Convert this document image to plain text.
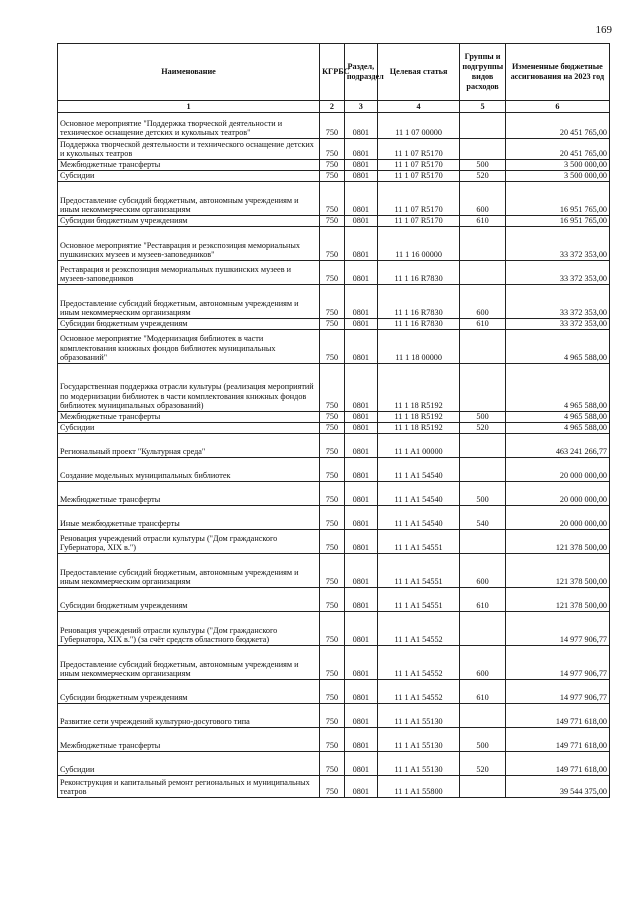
169
Наименование	КГРБС	Раздел, подраздел	Целевая статья	Группы и подгруппы видов расходов	Измененные бюджетные ассигнования на 2023 год
1	2	3	4	5	6
Основное мероприятие "Поддержка творческой деятельности и техническое оснащение детских и кукольных театров"	750	0801	11 1 07 00000		20 451 765,00
Поддержка творческой деятельности и технического оснащение детских и кукольных театров	750	0801	11 1 07 R5170		20 451 765,00
Межбюджетные трансферты	750	0801	11 1 07 R5170	500	3 500 000,00
Субсидии	750	0801	11 1 07 R5170	520	3 500 000,00
Предоставление субсидий бюджетным, автономным учреждениям и иным некоммерческим организациям	750	0801	11 1 07 R5170	600	16 951 765,00
Субсидии бюджетным учреждениям	750	0801	11 1 07 R5170	610	16 951 765,00
Основное мероприятие "Реставрация и реэкспозиция мемориальных пушкинских музеев и музеев-заповедников"	750	0801	11 1 16 00000		33 372 353,00
Реставрация и реэкспозиция мемориальных пушкинских музеев и музеев-заповедников	750	0801	11 1 16 R7830		33 372 353,00
Предоставление субсидий бюджетным, автономным учреждениям и иным некоммерческим организациям	750	0801	11 1 16 R7830	600	33 372 353,00
Субсидии бюджетным учреждениям	750	0801	11 1 16 R7830	610	33 372 353,00
Основное мероприятие "Модернизация библиотек в части комплектования книжных фондов библиотек муниципальных образований"	750	0801	11 1 18 00000		4 965 588,00
Государственная поддержка отрасли культуры (реализация мероприятий по модернизации библиотек в части комплектования книжных фондов библиотек муниципальных образований)	750	0801	11 1 18 R5192		4 965 588,00
Межбюджетные трансферты	750	0801	11 1 18 R5192	500	4 965 588,00
Субсидии	750	0801	11 1 18 R5192	520	4 965 588,00
Региональный проект "Культурная среда"	750	0801	11 1 A1 00000		463 241 266,77
Создание модельных муниципальных библиотек	750	0801	11 1 A1 54540		20 000 000,00
Межбюджетные трансферты	750	0801	11 1 A1 54540	500	20 000 000,00
Иные межбюджетные трансферты	750	0801	11 1 A1 54540	540	20 000 000,00
Реновация учреждений отрасли культуры ("Дом гражданского Губернатора, XIX в.")	750	0801	11 1 A1 54551		121 378 500,00
Предоставление субсидий бюджетным, автономным учреждениям и иным некоммерческим организациям	750	0801	11 1 A1 54551	600	121 378 500,00
Субсидии бюджетным учреждениям	750	0801	11 1 A1 54551	610	121 378 500,00
Реновация учреждений отрасли культуры ("Дом гражданского Губернатора, XIX в.") (за счёт средств областного бюджета)	750	0801	11 1 A1 54552		14 977 906,77
Предоставление субсидий бюджетным, автономным учреждениям и иным некоммерческим организациям	750	0801	11 1 A1 54552	600	14 977 906,77
Субсидии бюджетным учреждениям	750	0801	11 1 A1 54552	610	14 977 906,77
Развитие сети учреждений культурно-досугового типа	750	0801	11 1 A1 55130		149 771 618,00
Межбюджетные трансферты	750	0801	11 1 A1 55130	500	149 771 618,00
Субсидии	750	0801	11 1 A1 55130	520	149 771 618,00
Реконструкция и капитальный ремонт региональных и муниципальных театров	750	0801	11 1 A1 55800		39 544 375,00
